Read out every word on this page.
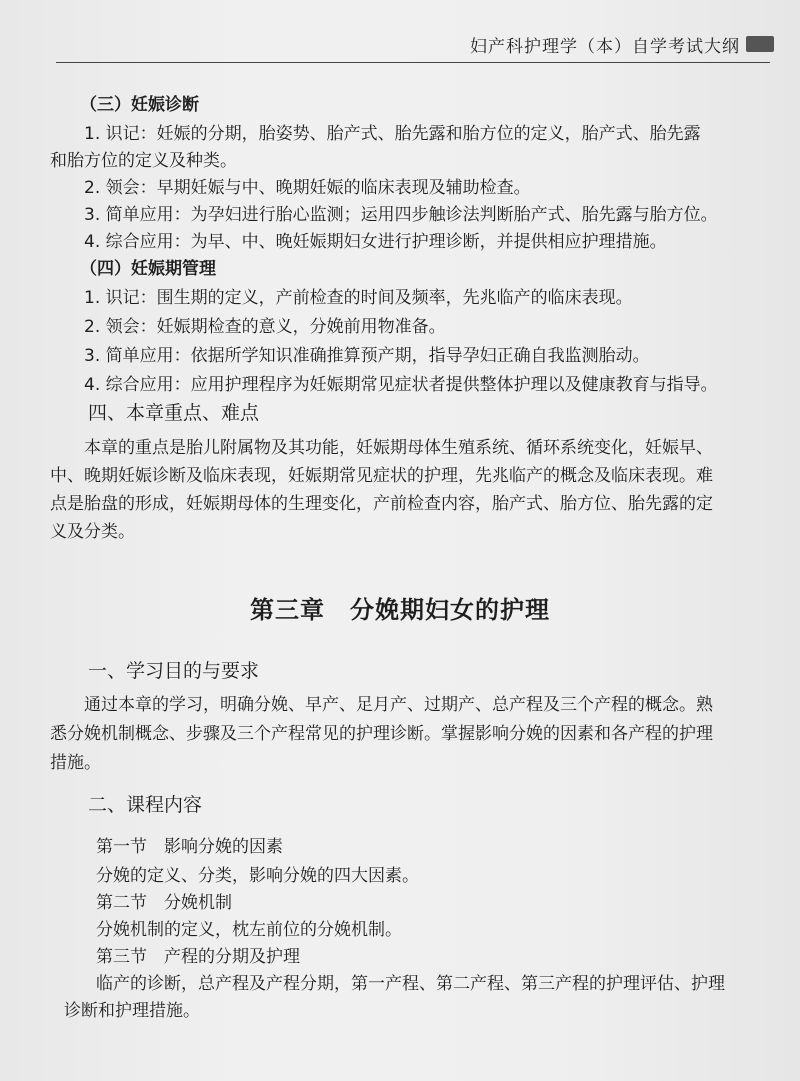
妇产科护理学（本）自学考试大纲
（三）妊娠诊断
1. 识记：妊娠的分期，胎姿势、胎产式、胎先露和胎方位的定义，胎产式、胎先露
和胎方位的定义及种类。
2. 领会：早期妊娠与中、晚期妊娠的临床表现及辅助检查。
3. 简单应用：为孕妇进行胎心监测；运用四步触诊法判断胎产式、胎先露与胎方位。
4. 综合应用：为早、中、晚妊娠期妇女进行护理诊断，并提供相应护理措施。
（四）妊娠期管理
1. 识记：围生期的定义，产前检查的时间及频率，先兆临产的临床表现。
2. 领会：妊娠期检查的意义，分娩前用物准备。
3. 简单应用：依据所学知识准确推算预产期，指导孕妇正确自我监测胎动。
4. 综合应用：应用护理程序为妊娠期常见症状者提供整体护理以及健康教育与指导。
四、本章重点、难点
本章的重点是胎儿附属物及其功能，妊娠期母体生殖系统、循环系统变化，妊娠早、
中、晚期妊娠诊断及临床表现，妊娠期常见症状的护理，先兆临产的概念及临床表现。难
点是胎盘的形成，妊娠期母体的生理变化，产前检查内容，胎产式、胎方位、胎先露的定
义及分类。
第三章　分娩期妇女的护理
一、学习目的与要求
通过本章的学习，明确分娩、早产、足月产、过期产、总产程及三个产程的概念。熟
悉分娩机制概念、步骤及三个产程常见的护理诊断。掌握影响分娩的因素和各产程的护理
措施。
二、课程内容
第一节　影响分娩的因素
分娩的定义、分类，影响分娩的四大因素。
第二节　分娩机制
分娩机制的定义，枕左前位的分娩机制。
第三节　产程的分期及护理
临产的诊断，总产程及产程分期，第一产程、第二产程、第三产程的护理评估、护理
诊断和护理措施。
